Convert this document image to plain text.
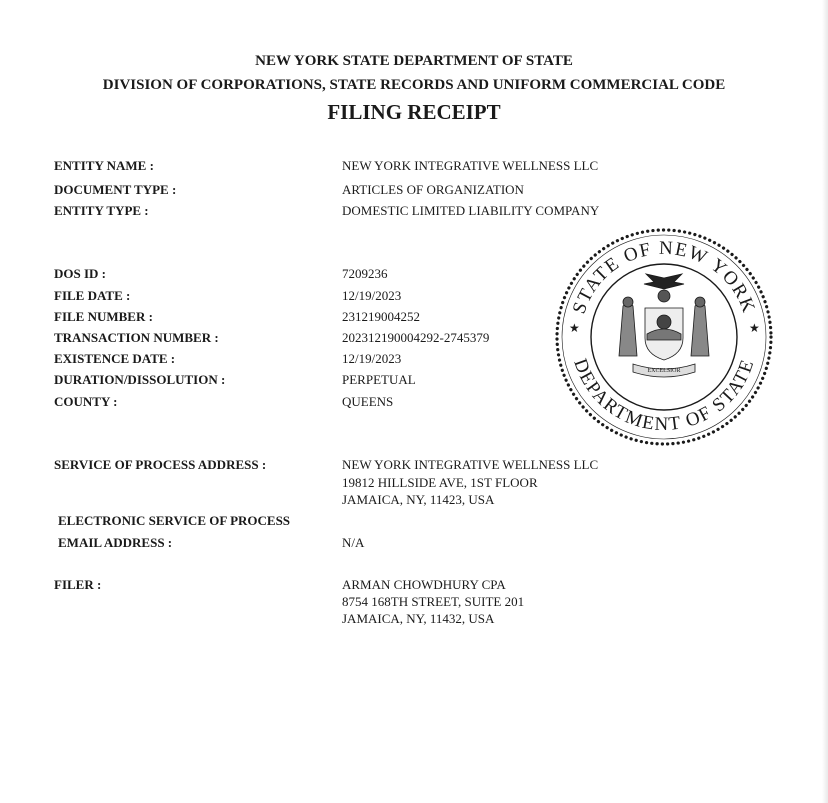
NEW YORK STATE DEPARTMENT OF STATE
DIVISION OF CORPORATIONS, STATE RECORDS AND UNIFORM COMMERCIAL CODE
FILING RECEIPT
ENTITY NAME :	NEW YORK INTEGRATIVE WELLNESS LLC
DOCUMENT TYPE :	ARTICLES OF ORGANIZATION
ENTITY TYPE :	DOMESTIC LIMITED LIABILITY COMPANY
DOS ID :	7209236
FILE DATE :	12/19/2023
FILE NUMBER :	231219004252
TRANSACTION NUMBER :	202312190004292-2745379
EXISTENCE DATE :	12/19/2023
DURATION/DISSOLUTION :	PERPETUAL
COUNTY :	QUEENS
SERVICE OF PROCESS ADDRESS :	NEW YORK INTEGRATIVE WELLNESS LLC
19812 HILLSIDE AVE, 1ST FLOOR
JAMAICA, NY, 11423, USA
ELECTRONIC SERVICE OF PROCESS
EMAIL ADDRESS :	N/A
FILER :	ARMAN CHOWDHURY CPA
8754 168TH STREET, SUITE 201
JAMAICA, NY, 11432, USA
STATE OF NEW YORK
DEPARTMENT OF STATE
★	★
EXCELSIOR
